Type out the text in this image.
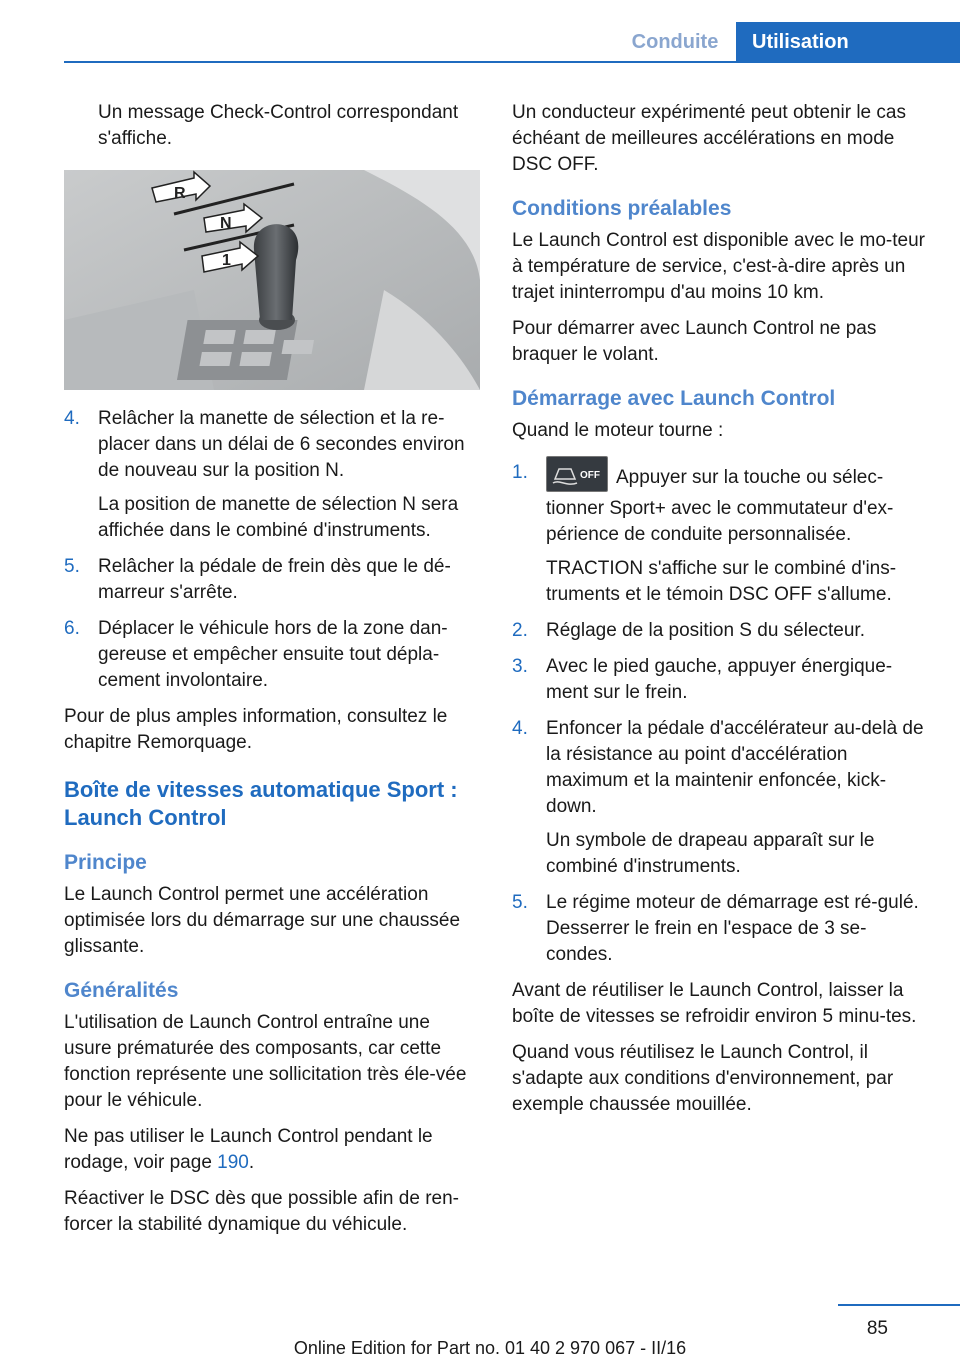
Conduite	Utilisation

Un message Check-Control correspondant s'affiche.

R
N
1
4. Relâcher la manette de sélection et la re‐placer dans un délai de 6 secondes environ de nouveau sur la position N.
La position de manette de sélection N sera affichée dans le combiné d'instruments.
5. Relâcher la pédale de frein dès que le dé‐marreur s'arrête.
6. Déplacer le véhicule hors de la zone dan‐gereuse et empêcher ensuite tout dépla‐cement involontaire.

Pour de plus amples information, consultez le chapitre Remorquage.

Boîte de vitesses automatique Sport : Launch Control
Principe

Le Launch Control permet une accélération optimisée lors du démarrage sur une chaussée glissante.

Généralités

L'utilisation de Launch Control entraîne une usure prématurée des composants, car cette fonction représente une sollicitation très éle‐vée pour le véhicule.

Ne pas utiliser le Launch Control pendant le rodage, voir page 190.

Réactiver le DSC dès que possible afin de ren‐forcer la stabilité dynamique du véhicule.

Un conducteur expérimenté peut obtenir le cas échéant de meilleures accélérations en mode DSC OFF.

Conditions préalables

Le Launch Control est disponible avec le mo‐teur à température de service, c'est-à-dire après un trajet ininterrompu d'au moins 10 km.

Pour démarrer avec Launch Control ne pas braquer le volant.

Démarrage avec Launch Control

Quand le moteur tourne :

1.	OFF Appuyer sur la touche ou sélec‐tionner Sport+ avec le commutateur d'ex‐périence de conduite personnalisée.
TRACTION s'affiche sur le combiné d'ins‐truments et le témoin DSC OFF s'allume.
2. Réglage de la position S du sélecteur.
3. Avec le pied gauche, appuyer énergique‐ment sur le frein.
4. Enfoncer la pédale d'accélérateur au-delà de la résistance au point d'accélération maximum et la maintenir enfoncée, kick‐down.
Un symbole de drapeau apparaît sur le combiné d'instruments.
5. Le régime moteur de démarrage est ré‐gulé. Desserrer le frein en l'espace de 3 se‐condes.

Avant de réutiliser le Launch Control, laisser la boîte de vitesses se refroidir environ 5 minu‐tes.

Quand vous réutilisez le Launch Control, il s'adapte aux conditions d'environnement, par exemple chaussée mouillée.

85
Online Edition for Part no. 01 40 2 970 067 - II/16
